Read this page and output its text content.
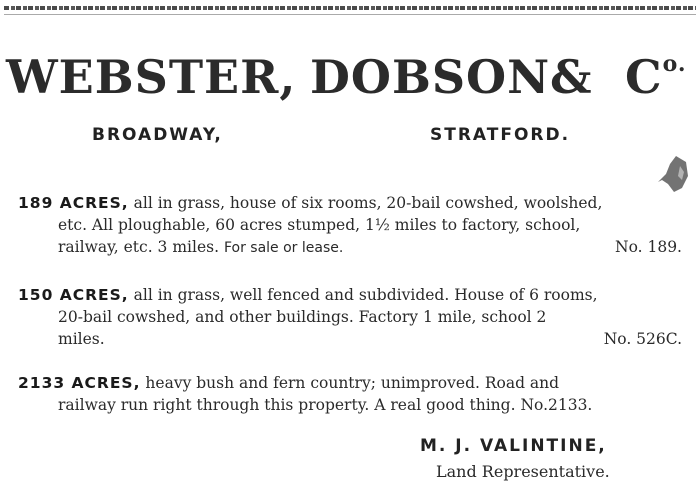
WEBSTER, DOBSON & $C^{o.}$
BROADWAY,	STRATFORD.
189 ACRES, all in grass, house of six rooms, 20-bail cowshed, woolshed,
etc. All ploughable, 60 acres stumped, 1½ miles to factory, school,
railway, etc. 3 miles. For sale or lease.	No. 189.
150 ACRES, all in grass, well fenced and subdivided. House of 6 rooms,
20-bail cowshed, and other buildings. Factory 1 mile, school 2
miles.	No. 526C.
2133 ACRES, heavy bush and fern country; unimproved. Road and
railway run right through this property. A real good thing. No.2133.
M. J. VALINTINE,
Land Representative.
